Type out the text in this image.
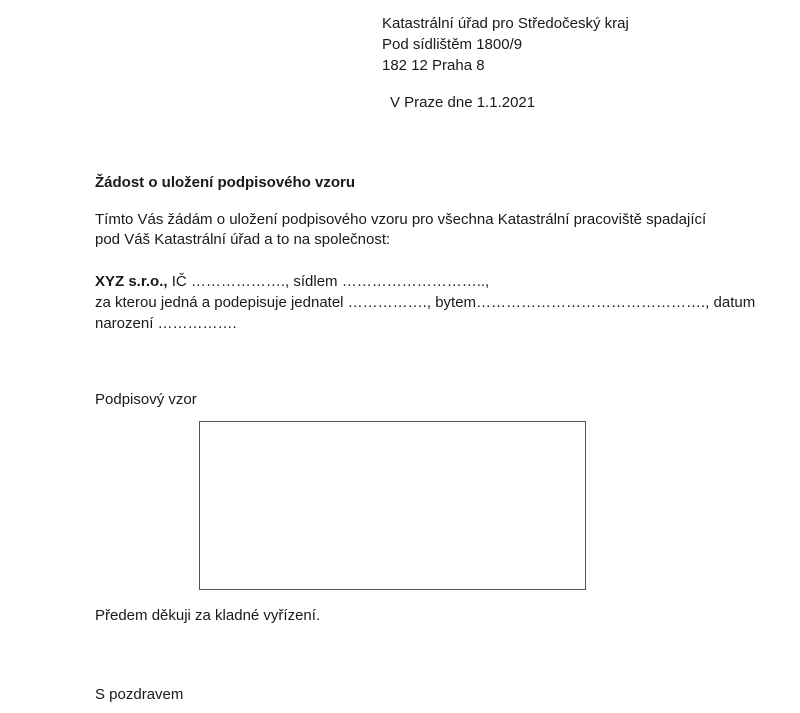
Katastrální úřad pro Středočeský kraj
Pod sídlištěm 1800/9
182 12 Praha 8
V Praze dne 1.1.2021
Žádost o uložení podpisového vzoru
Tímto Vás žádám o uložení podpisového vzoru pro všechna Katastrální pracoviště spadající
pod Váš Katastrální úřad a to na společnost:
XYZ s.r.o., IČ ………………., sídlem ………………………..,
za kterou jedná a podepisuje jednatel ……………., bytem………………………………………., datum
narození …………….
Podpisový vzor
Předem děkuji za kladné vyřízení.
S pozdravem
